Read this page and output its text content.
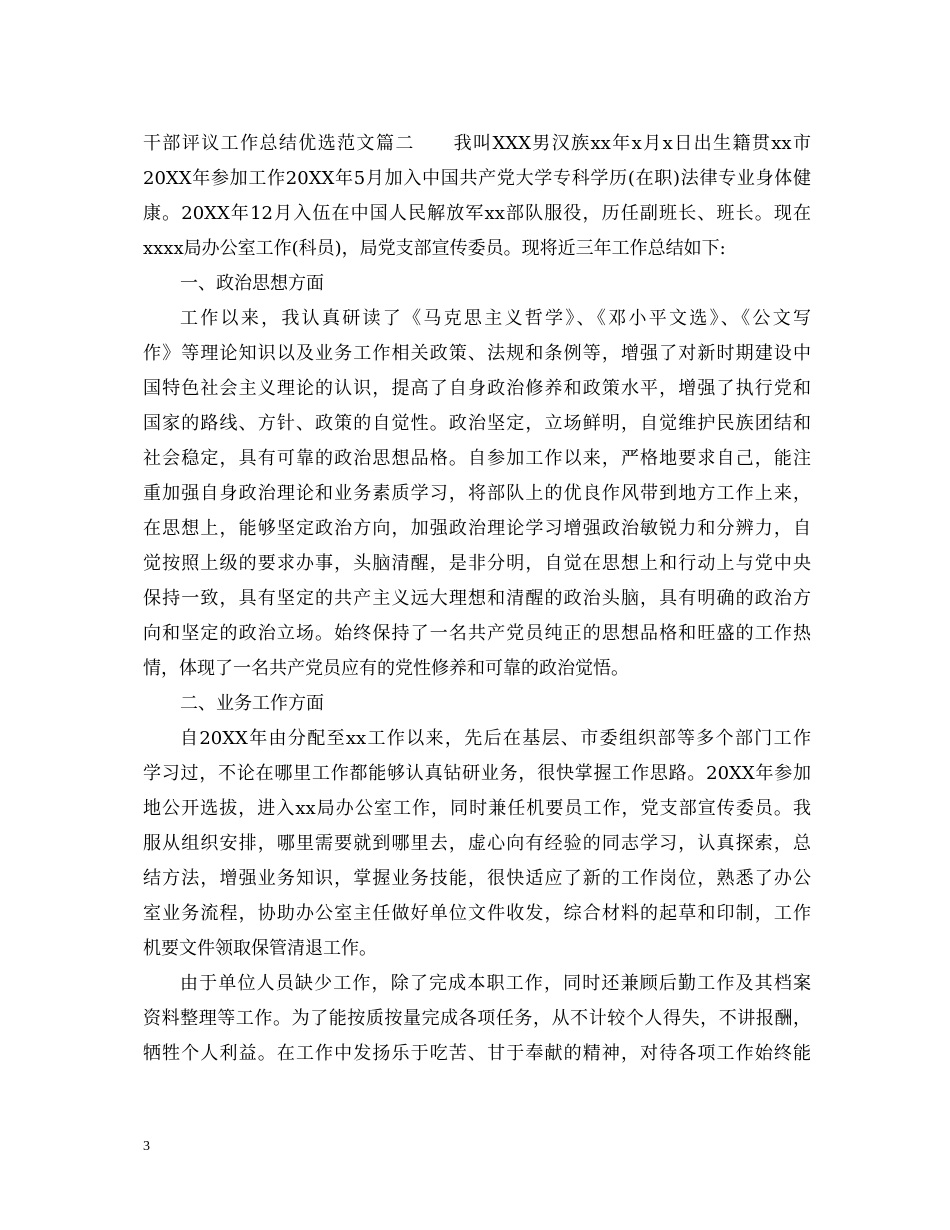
干部评议工作总结优选范文篇二　　我叫XXX男汉族xx年x月x日出生籍贯xx市
20XX年参加工作20XX年5月加入中国共产党大学专科学历(在职)法律专业身体健
康。20XX年12月入伍在中国人民解放军xx部队服役，历任副班长、班长。现在
xxxx局办公室工作(科员)，局党支部宣传委员。现将近三年工作总结如下:
一、政治思想方面
工作以来，我认真研读了《马克思主义哲学》、《邓小平文选》、《公文写
作》等理论知识以及业务工作相关政策、法规和条例等，增强了对新时期建设中
国特色社会主义理论的认识，提高了自身政治修养和政策水平，增强了执行党和
国家的路线、方针、政策的自觉性。政治坚定，立场鲜明，自觉维护民族团结和
社会稳定，具有可靠的政治思想品格。自参加工作以来，严格地要求自己，能注
重加强自身政治理论和业务素质学习，将部队上的优良作风带到地方工作上来，
在思想上，能够坚定政治方向，加强政治理论学习增强政治敏锐力和分辨力，自
觉按照上级的要求办事，头脑清醒，是非分明，自觉在思想上和行动上与党中央
保持一致，具有坚定的共产主义远大理想和清醒的政治头脑，具有明确的政治方
向和坚定的政治立场。始终保持了一名共产党员纯正的思想品格和旺盛的工作热
情，体现了一名共产党员应有的党性修养和可靠的政治觉悟。
二、业务工作方面
自20XX年由分配至xx工作以来，先后在基层、市委组织部等多个部门工作
学习过，不论在哪里工作都能够认真钻研业务，很快掌握工作思路。20XX年参加
地公开选拔，进入xx局办公室工作，同时兼任机要员工作，党支部宣传委员。我
服从组织安排，哪里需要就到哪里去，虚心向有经验的同志学习，认真探索，总
结方法，增强业务知识，掌握业务技能，很快适应了新的工作岗位，熟悉了办公
室业务流程，协助办公室主任做好单位文件收发，综合材料的起草和印制，工作
机要文件领取保管清退工作。
由于单位人员缺少工作，除了完成本职工作，同时还兼顾后勤工作及其档案
资料整理等工作。为了能按质按量完成各项任务，从不计较个人得失，不讲报酬，
牺牲个人利益。在工作中发扬乐于吃苦、甘于奉献的精神，对待各项工作始终能
3
